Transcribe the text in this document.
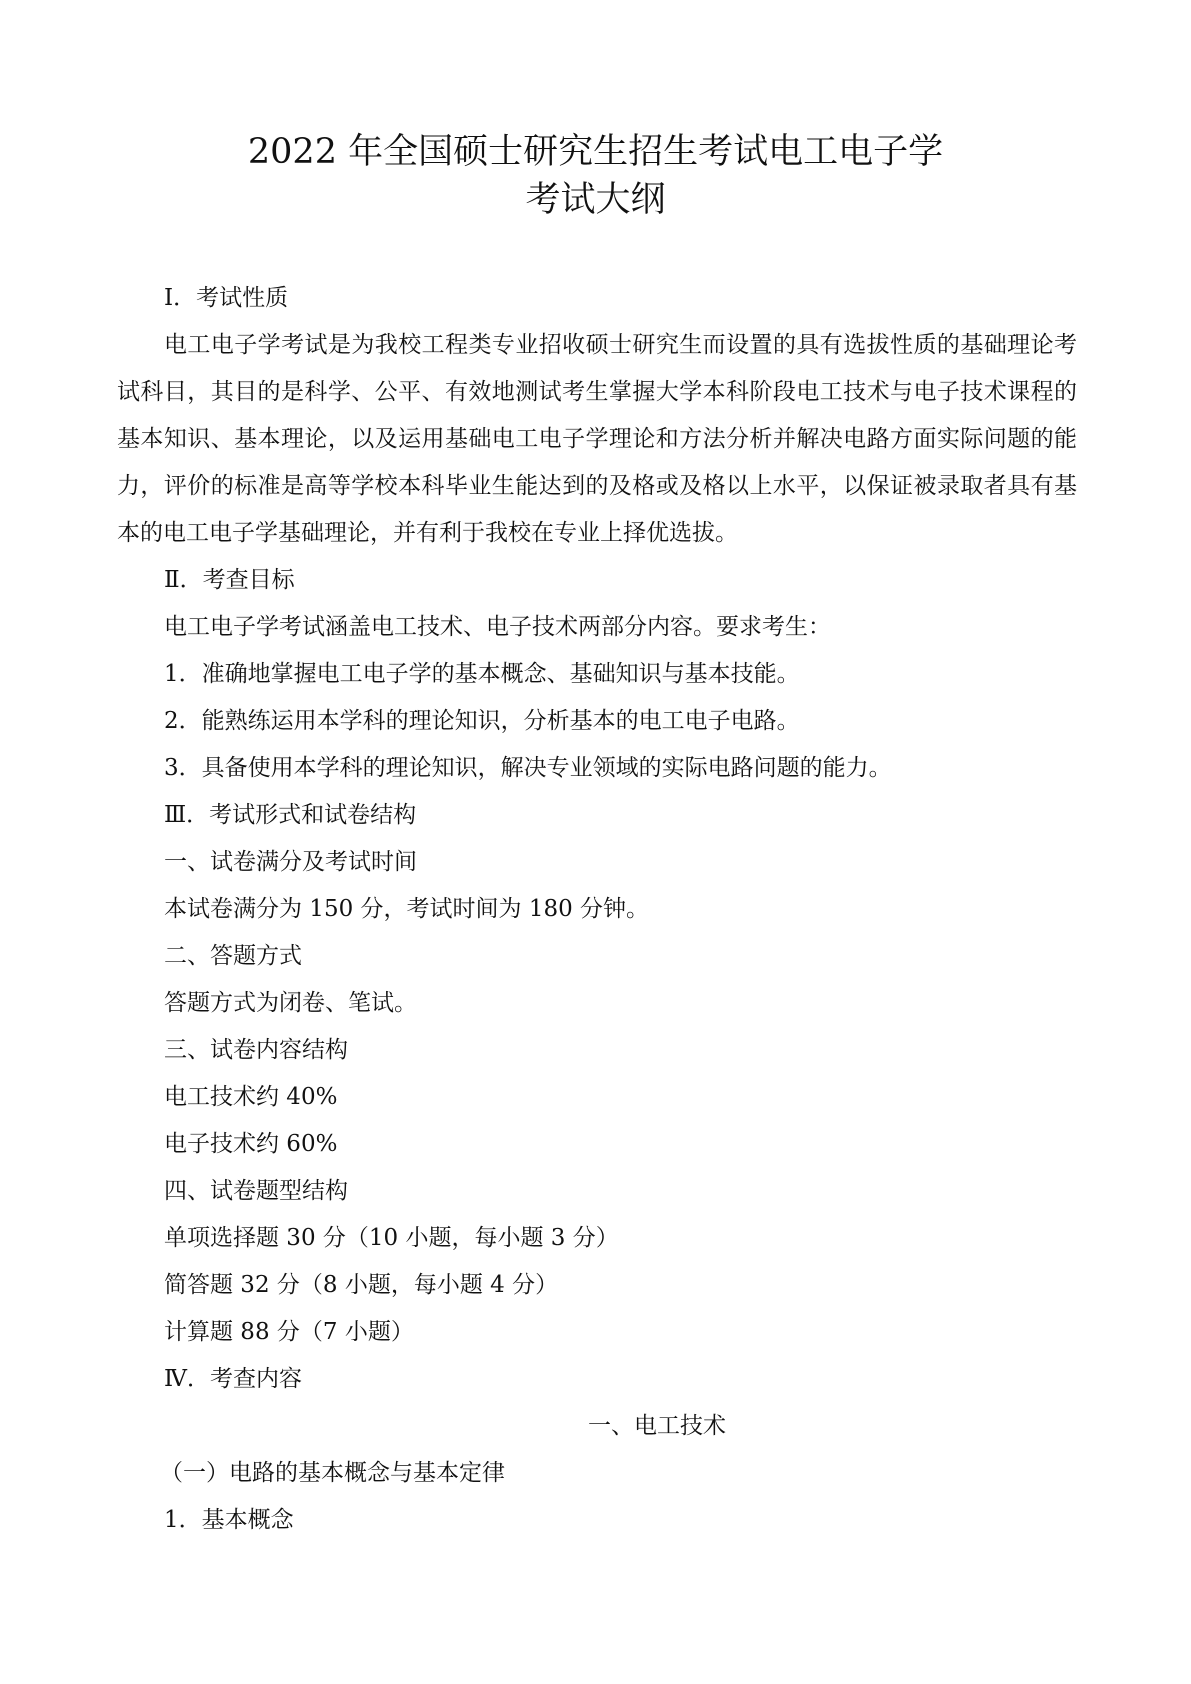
2022 年全国硕士研究生招生考试电工电子学
考试大纲
Ⅰ．考试性质

电工电子学考试是为我校工程类专业招收硕士研究生而设置的具有选拔性质的基础理论考试科目，其目的是科学、公平、有效地测试考生掌握大学本科阶段电工技术与电子技术课程的基本知识、基本理论，以及运用基础电工电子学理论和方法分析并解决电路方面实际问题的能力，评价的标准是高等学校本科毕业生能达到的及格或及格以上水平，以保证被录取者具有基本的电工电子学基础理论，并有利于我校在专业上择优选拔。

Ⅱ．考查目标
电工电子学考试涵盖电工技术、电子技术两部分内容。要求考生：
1．准确地掌握电工电子学的基本概念、基础知识与基本技能。
2．能熟练运用本学科的理论知识，分析基本的电工电子电路。
3．具备使用本学科的理论知识，解决专业领域的实际电路问题的能力。
Ⅲ．考试形式和试卷结构
一、试卷满分及考试时间
本试卷满分为 150 分，考试时间为 180 分钟。
二、答题方式
答题方式为闭卷、笔试。
三、试卷内容结构
电工技术约 40%
电子技术约 60%
四、试卷题型结构
单项选择题 30 分（10 小题，每小题 3 分）
简答题 32 分（8 小题，每小题 4 分）
计算题 88 分（7 小题）
Ⅳ．考查内容
一、电工技术
（一）电路的基本概念与基本定律
1．基本概念
